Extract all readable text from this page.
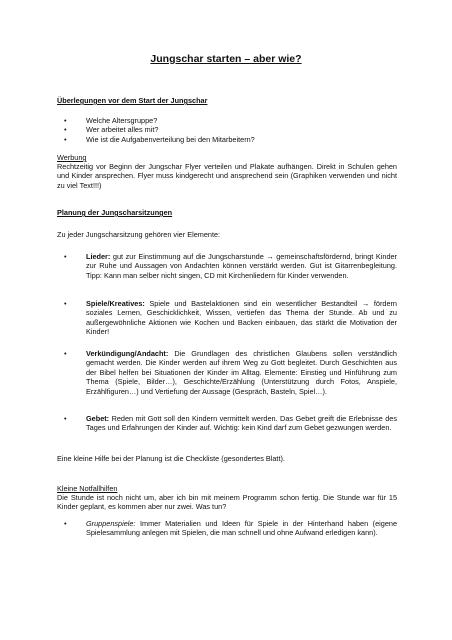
Jungschar starten – aber wie?

Überlegungen vor dem Start der Jungschar

•	Welche Altersgruppe?
•	Wer arbeitet alles mit?
•	Wie ist die Aufgabenverteilung bei den Mitarbeitern?

Werbung

Rechtzeitig vor Beginn der Jungschar Flyer verteilen und Plakate aufhängen. Direkt in Schulen gehen und Kinder ansprechen. Flyer muss kindgerecht und ansprechend sein (Graphiken verwenden und nicht zu viel Text!!!)

Planung der Jungscharsitzungen

Zu jeder Jungscharsitzung gehören vier Elemente:

•	Lieder: gut zur Einstimmung auf die Jungscharstunde → gemeinschaftsfördernd, bringt Kinder zur Ruhe und Aussagen von Andachten können verstärkt werden. Gut ist Gitarrenbegleitung. Tipp: Kann man selber nicht singen, CD mit Kirchenliedern für Kinder verwenden.
•	Spiele/Kreatives: Spiele und Bastelaktionen sind ein wesentlicher Bestandteil → fördern soziales Lernen, Geschicklichkeit, Wissen, vertiefen das Thema der Stunde. Ab und zu außergewöhnliche Aktionen wie Kochen und Backen einbauen, das stärkt die Motivation der Kinder!
•	Verkündigung/Andacht: Die Grundlagen des christlichen Glaubens sollen verständlich gemacht werden. Die Kinder werden auf ihrem Weg zu Gott begleitet. Durch Geschichten aus der Bibel helfen bei Situationen der Kinder im Alltag. Elemente: Einstieg und Hinführung zum Thema (Spiele, Bilder…), Geschichte/Erzählung (Unterstützung durch Fotos, Anspiele, Erzählfiguren…) und Vertiefung der Aussage (Gespräch, Basteln, Spiel…).
•	Gebet: Reden mit Gott soll den Kindern vermittelt werden. Das Gebet greift die Erlebnisse des Tages und Erfahrungen der Kinder auf. Wichtig: kein Kind darf zum Gebet gezwungen werden.

Eine kleine Hilfe bei der Planung ist die Checkliste (gesondertes Blatt).

Kleine Notfallhilfen

Die Stunde ist noch nicht um, aber ich bin mit meinem Programm schon fertig. Die Stunde war für 15 Kinder geplant, es kommen aber nur zwei. Was tun?

•	Gruppenspiele: Immer Materialien und Ideen für Spiele in der Hinterhand haben (eigene Spielesammlung anlegen mit Spielen, die man schnell und ohne Aufwand erledigen kann).
